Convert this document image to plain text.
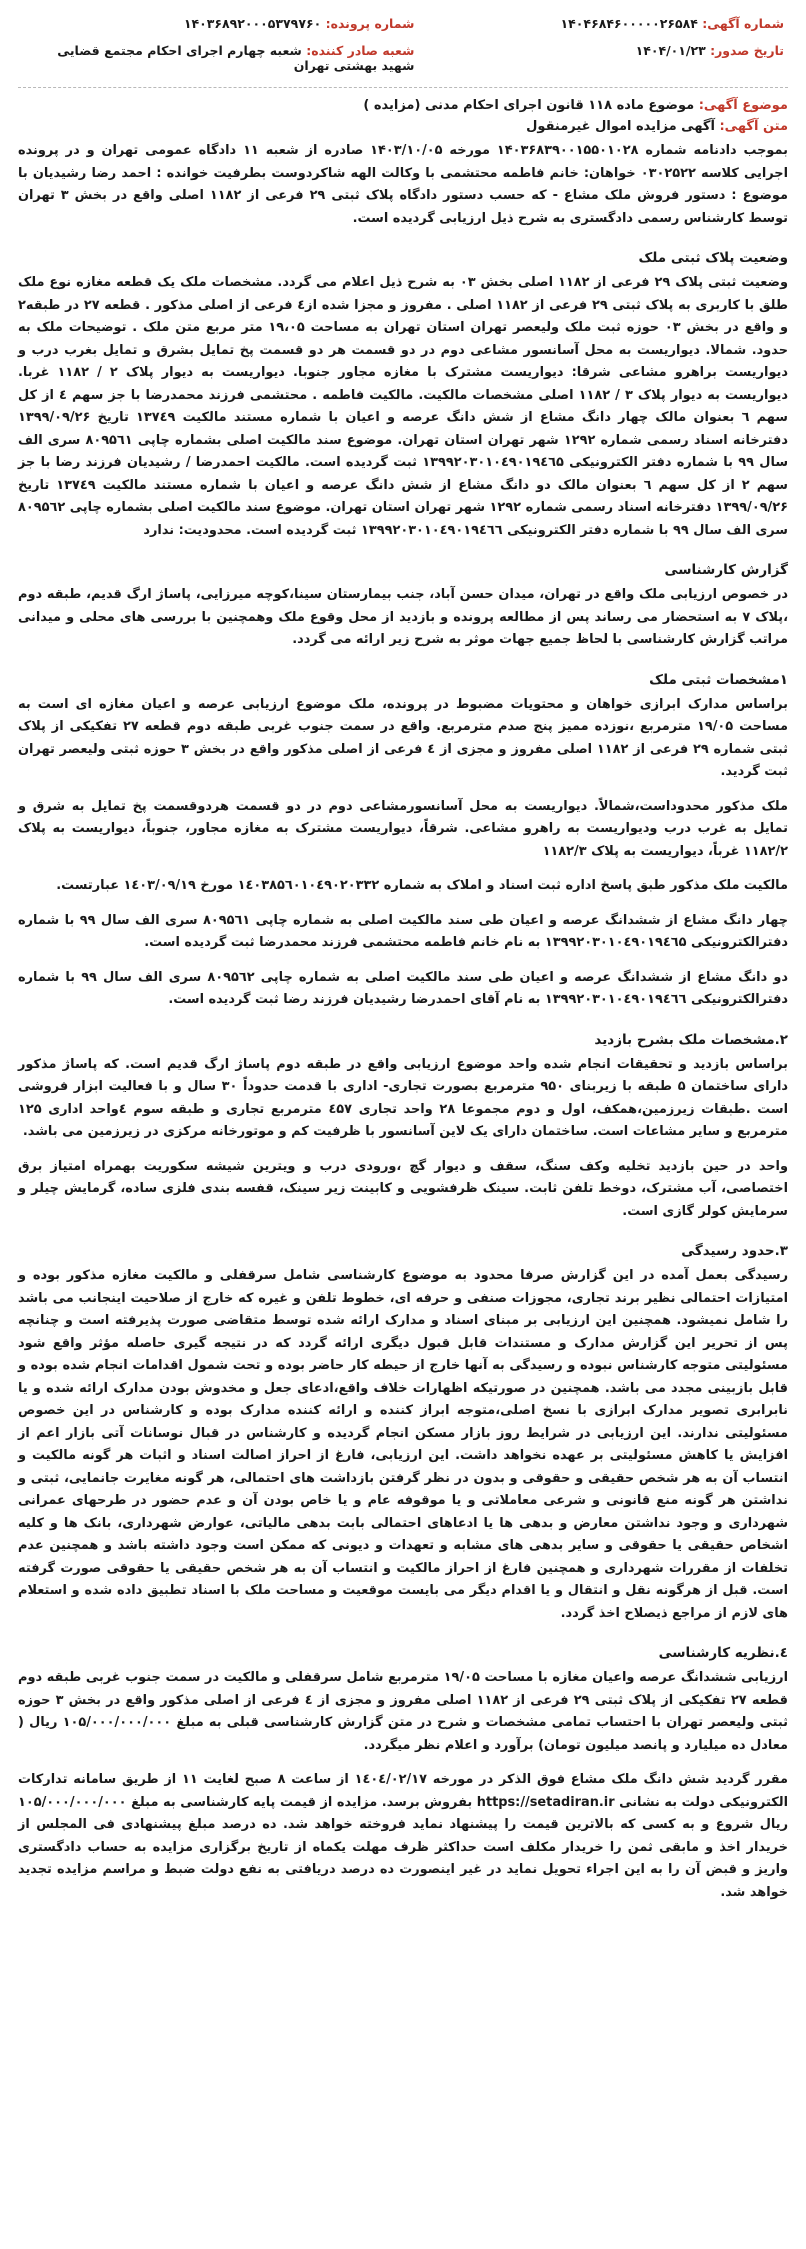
شماره آگهی: ۱۴۰۴۶۸۴۶۰۰۰۰۰۲۶۵۸۴	شماره پرونده: ۱۴۰۳۶۸۹۲۰۰۰۵۳۷۹۷۶۰
تاریخ صدور: ۱۴۰۴/۰۱/۲۳	شعبه صادر کننده: شعبه چهارم اجرای احکام مجتمع قضایی شهید بهشتی تهران
موضوع آگهی: موضوع ماده ۱۱۸ قانون اجرای احکام مدنی (مزایده )
متن آگهی: آگهی مزایده اموال غیرمنقول
بموجب دادنامه شماره ۱۴۰۳۶۸۳۹۰۰۱۵۵۰۱۰۲۸ مورخه ۱۴۰۳/۱۰/۰۵ صادره از شعبه ۱۱ دادگاه عمومی تهران و در پرونده اجرایی کلاسه ۰۳۰۲۵۲۲ خواهان: خانم فاطمه محتشمی با وکالت الهه شاکردوست بطرفیت خوانده : احمد رضا رشیدیان با موضوع : دستور فروش ملک مشاع - که حسب دستور دادگاه پلاک ثبتی ۲۹ فرعی از ۱۱۸۲ اصلی واقع در بخش ۳ تهران توسط کارشناس رسمی دادگستری به شرح ذیل ارزیابی گردیده است.
وضعیت پلاک ثبتی ملک
وضعیت ثبتی پلاک ۲۹ فرعی از ۱۱۸۲ اصلی بخش ۰۳ به شرح ذیل اعلام می گردد. مشخصات ملک یک قطعه مغازه نوع ملک طلق با کاربری به پلاک ثبتی ۲۹ فرعی از ۱۱۸۲ اصلی . مفروز و مجزا شده از٤ فرعی از اصلی مذکور . قطعه ۲۷ در طبقه۲ و واقع در بخش ۰۳ حوزه ثبت ملک ولیعصر تهران استان تهران به مساحت ۱۹،۰۵ متر مربع متن ملک . توضیحات ملک به حدود. شمالا. دیواریست به محل آسانسور مشاعی دوم در دو قسمت هر دو قسمت پخ تمایل بشرق و تمایل بغرب درب و دیواریست براهرو مشاعی شرقا: دیواریست مشترک با مغازه مجاور جنوبا. دیواریست به دیوار پلاک ۲ / ۱۱۸۲ غربا. دیواریست به دیوار پلاک ۳ / ۱۱۸۲ اصلی مشخصات مالکیت. مالکیت فاطمه . محتشمی فرزند محمدرضا با جز سهم ٤ از کل سهم ٦ بعنوان مالک چهار دانگ مشاع از شش دانگ عرصه و اعیان با شماره مستند مالکیت ۱۳۷٤۹ تاریخ ۱۳۹۹/۰۹/۲۶ دفترخانه اسناد رسمی شماره ۱۲۹۲ شهر تهران استان تهران. موضوع سند مالکیت اصلی بشماره چاپی ۸۰۹۵٦۱ سری الف سال ۹۹ با شماره دفتر الکترونیکی ۱۳۹۹۲۰۳۰۱۰٤۹۰۱۹٤٦۵ ثبت گردیده است. مالکیت احمدرضا / رشیدیان فرزند رضا با جز سهم ۲ از کل سهم ٦ بعنوان مالک دو دانگ مشاع از شش دانگ عرصه و اعیان با شماره مستند مالکیت ۱۳۷٤۹ تاریخ ۱۳۹۹/۰۹/۲۶ دفترخانه اسناد رسمی شماره ۱۲۹۲ شهر تهران استان تهران. موضوع سند مالکیت اصلی بشماره چاپی ۸۰۹۵٦۲ سری الف سال ۹۹ با شماره دفتر الکترونیکی ۱۳۹۹۲۰۳۰۱۰٤۹۰۱۹٤٦٦ ثبت گردیده است. محدودیت: ندارد
گزارش کارشناسی
در خصوص ارزیابی ملک واقع در تهران، میدان حسن آباد، جنب بیمارستان سینا،کوچه میرزایی، پاساژ ارگ قدیم، طبقه دوم ،پلاک ۷ به استحضار می رساند پس از مطالعه پرونده و بازدید از محل وقوع ملک وهمچنین با بررسی های محلی و میدانی مراتب گزارش کارشناسی با لحاظ جمیع جهات موثر به شرح زیر ارائه می گردد.
۱مشخصات ثبتی ملک
براساس مدارک ابرازی خواهان و محتویات مضبوط در پرونده، ملک موضوع ارزیابی عرصه و اعیان مغازه ای است به مساحت ۱۹/۰۵ مترمربع ،نوزده ممیز پنج صدم مترمربع. واقع در سمت جنوب غربی طبقه دوم قطعه ۲۷ تفکیکی از پلاک ثبتی شماره ۲۹ فرعی از ۱۱۸۲ اصلی مفروز و مجزی از ٤ فرعی از اصلی مذکور واقع در بخش ۳ حوزه ثبتی ولیعصر تهران ثبت گردید.
ملک مذکور محدوداست،شمالاً. دیواریست به محل آسانسورمشاعی دوم در دو قسمت هردوقسمت پخ تمایل به شرق و تمایل به غرب درب ودیواریست به راهرو مشاعی. شرقاً، دیواریست مشترک به مغازه مجاور، جنوباً، دیواریست به پلاک ۱۱۸۲/۲ غرباً، دیواریست به پلاک ۱۱۸۲/۳
مالکیت ملک مذکور طبق پاسخ اداره ثبت اسناد و املاک به شماره ۱٤۰۳۸۵٦۰۱۰٤۹۰۲۰۳۳۲ مورخ ۱٤۰۳/۰۹/۱۹ عبارتست.
چهار دانگ مشاع از ششدانگ عرصه و اعیان طی سند مالکیت اصلی به شماره چاپی ۸۰۹۵٦۱ سری الف سال ۹۹ با شماره دفترالکترونیکی ۱۳۹۹۲۰۳۰۱۰٤۹۰۱۹٤٦۵ به نام خانم فاطمه محتشمی فرزند محمدرضا ثبت گردیده است.
دو دانگ مشاع از ششدانگ عرصه و اعیان طی سند مالکیت اصلی به شماره چاپی ۸۰۹۵٦۲ سری الف سال ۹۹ با شماره دفترالکترونیکی ۱۳۹۹۲۰۳۰۱۰٤۹۰۱۹٤٦٦ به نام آقای احمدرضا رشیدیان فرزند رضا ثبت گردیده است.
۲.مشخصات ملک بشرح بازدید
براساس بازدید و تحقیقات انجام شده واحد موضوع ارزیابی واقع در طبقه دوم پاساژ ارگ قدیم است. که پاساژ مذکور دارای ساختمان ۵ طبقه با زیربنای ۹۵۰ مترمربع بصورت تجاری- اداری با قدمت حدوداً ۳۰ سال و با فعالیت ابزار فروشی است .طبقات زیرزمین،همکف، اول و دوم مجموعا ۲۸ واحد تجاری ٤۵۷ مترمربع تجاری و طبقه سوم ٤واحد اداری ۱۲۵ مترمربع و سایر مشاعات است. ساختمان دارای یک لاین آسانسور با ظرفیت کم و موتورخانه مرکزی در زیرزمین می باشد.
واحد در حین بازدید تخلیه وکف سنگ، سقف و دیوار گچ ،ورودی درب و ویترین شیشه سکوریت بهمراه امتیاز برق اختصاصی، آب مشترک، دوخط تلفن ثابت. سینک ظرفشویی و کابینت زیر سینک، قفسه بندی فلزی ساده، گرمایش چیلر و سرمایش کولر گازی است.
۳.حدود رسیدگی
رسیدگی بعمل آمده در این گزارش صرفا محدود به موضوع کارشناسی شامل سرقفلی و مالکیت مغازه مذکور بوده و امتیازات احتمالی نظیر برند تجاری، مجوزات صنفی و حرفه ای، خطوط تلفن و غیره که خارج از صلاحیت اینجانب می باشد را شامل نمیشود. همچنین این ارزیابی بر مبنای اسناد و مدارک ارائه شده توسط متقاضی صورت پذیرفته است و چنانچه پس از تحریر این گزارش مدارک و مستندات قابل قبول دیگری ارائه گردد که در نتیجه گیری حاصله مؤثر واقع شود مسئولیتی متوجه کارشناس نبوده و رسیدگی به آنها خارج از حیطه کار حاضر بوده و تحت شمول اقدامات انجام شده بوده و قابل بازبینی مجدد می باشد. همچنین در صورتیکه اظهارات خلاف واقع،ادعای جعل و مخدوش بودن مدارک ارائه شده و یا نابرابری تصویر مدارک ابرازی با نسخ اصلی،متوجه ابراز کننده و ارائه کننده مدارک بوده و کارشناس در این خصوص مسئولیتی ندارند. این ارزیابی در شرایط روز بازار مسکن انجام گردیده و کارشناس در قبال نوسانات آتی بازار اعم از افزایش یا کاهش مسئولیتی بر عهده نخواهد داشت. این ارزیابی، فارغ از احراز اصالت اسناد و اثبات هر گونه مالکیت و انتساب آن به هر شخص حقیقی و حقوقی و بدون در نظر گرفتن بازداشت های احتمالی، هر گونه مغایرت جانمایی، ثبتی و نداشتن هر گونه منع قانونی و شرعی معاملاتی و یا موقوفه عام و یا خاص بودن آن و عدم حضور در طرحهای عمرانی شهرداری و وجود نداشتن معارض و بدهی ها یا ادعاهای احتمالی بابت بدهی مالیاتی، عوارض شهرداری، بانک ها و کلیه اشخاص حقیقی یا حقوقی و سایر بدهی های مشابه و تعهدات و دیونی که ممکن است وجود داشته باشد و همچنین عدم تخلفات از مقررات شهرداری و همچنین فارغ از احراز مالکیت و انتساب آن به هر شخص حقیقی یا حقوقی صورت گرفته است. قبل از هرگونه نقل و انتقال و یا اقدام دیگر می بایست موقعیت و مساحت ملک با اسناد تطبیق داده شده و استعلام های لازم از مراجع ذیصلاح اخذ گردد.
٤.نظریه کارشناسی
ارزیابی ششدانگ عرصه واعیان مغازه با مساحت ۱۹/۰۵ مترمربع شامل سرقفلی و مالکیت در سمت جنوب غربی طبقه دوم قطعه ۲۷ تفکیکی از پلاک ثبتی ۲۹ فرعی از ۱۱۸۲ اصلی مفروز و مجزی از ٤ فرعی از اصلی مذکور واقع در بخش ۳ حوزه ثبتی ولیعصر تهران با احتساب تمامی مشخصات و شرح در متن گزارش کارشناسی قبلی به مبلغ ۱۰۵/۰۰۰/۰۰۰/۰۰۰ ریال ( معادل ده میلیارد و پانصد میلیون تومان) برآورد و اعلام نظر میگردد.
مقرر گردید شش دانگ ملک مشاع فوق الذکر در مورخه ۱٤۰٤/۰۲/۱۷ از ساعت ۸ صبح لغایت ۱۱ از طریق سامانه تدارکات الکترونیکی دولت به نشانی https://setadiran.ir بفروش برسد. مزایده از قیمت پایه کارشناسی به مبلغ ۱۰۵/۰۰۰/۰۰۰/۰۰۰ ریال شروع و به کسی که بالاترین قیمت را پیشنهاد نماید فروخته خواهد شد. ده درصد مبلغ پیشنهادی فی المجلس از خریدار اخذ و مابقی ثمن را خریدار مکلف است حداکثر ظرف مهلت یکماه از تاریخ برگزاری مزایده به حساب دادگستری واریز و قبض آن را به این اجراء تحویل نماید در غیر اینصورت ده درصد دریافتی به نفع دولت ضبط و مراسم مزایده تجدید خواهد شد.
